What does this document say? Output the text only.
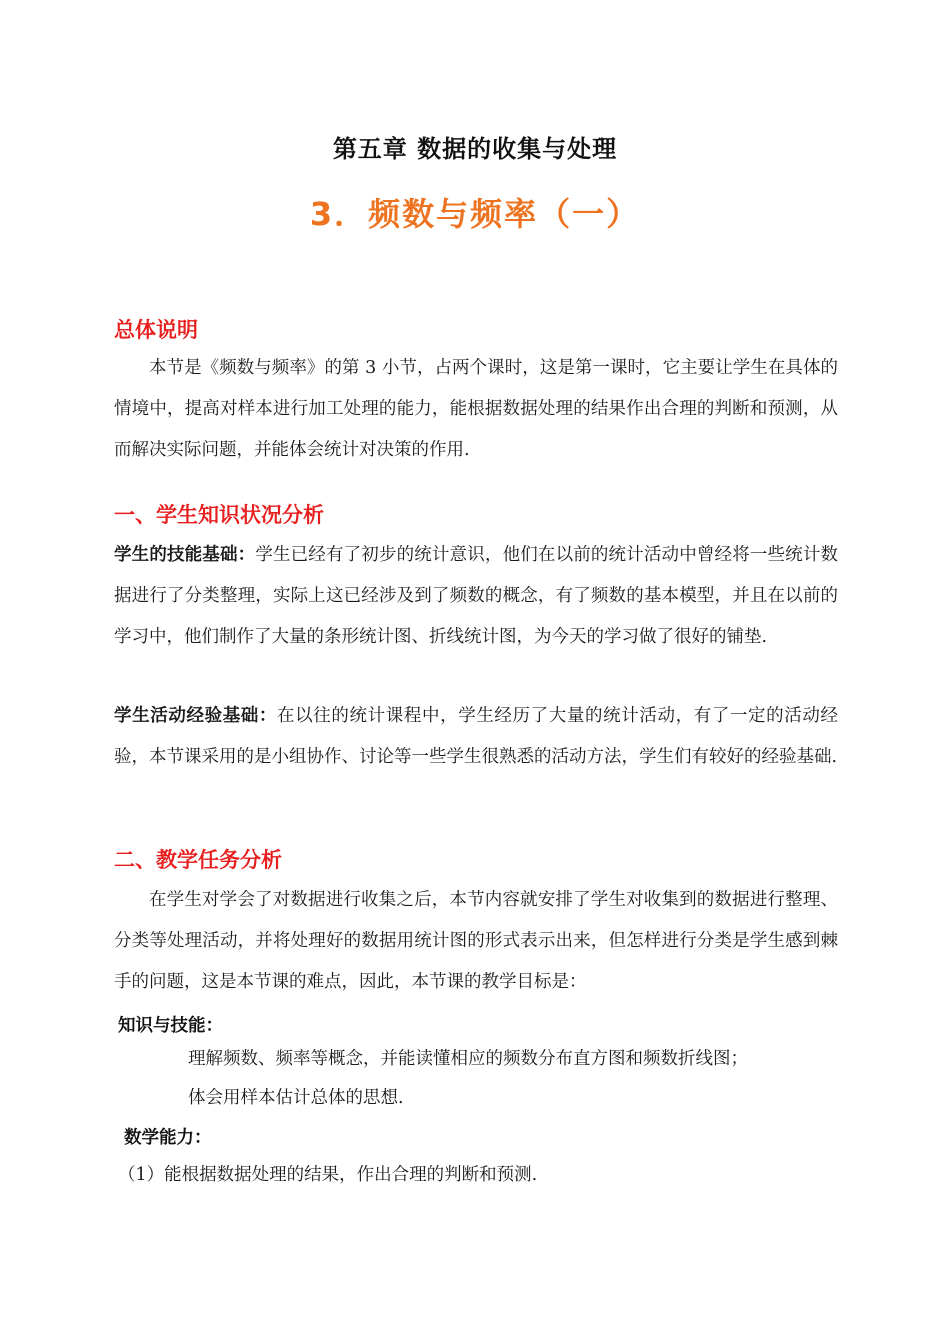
第五章 数据的收集与处理
3．频数与频率（一）
总体说明

本节是《频数与频率》的第 3 小节，占两个课时，这是第一课时，它主要让学生在具体的情境中，提高对样本进行加工处理的能力，能根据数据处理的结果作出合理的判断和预测，从而解决实际问题，并能体会统计对决策的作用.

一、学生知识状况分析

学生的技能基础：学生已经有了初步的统计意识，他们在以前的统计活动中曾经将一些统计数据进行了分类整理，实际上这已经涉及到了频数的概念，有了频数的基本模型，并且在以前的学习中，他们制作了大量的条形统计图、折线统计图，为今天的学习做了很好的铺垫.

学生活动经验基础：在以往的统计课程中，学生经历了大量的统计活动，有了一定的活动经验，本节课采用的是小组协作、讨论等一些学生很熟悉的活动方法，学生们有较好的经验基础.

二、教学任务分析

在学生对学会了对数据进行收集之后，本节内容就安排了学生对收集到的数据进行整理、分类等处理活动，并将处理好的数据用统计图的形式表示出来，但怎样进行分类是学生感到棘手的问题，这是本节课的难点，因此，本节课的教学目标是：

知识与技能：
理解频数、频率等概念，并能读懂相应的频数分布直方图和频数折线图；
体会用样本估计总体的思想.
数学能力：
（1）能根据数据处理的结果，作出合理的判断和预测.
